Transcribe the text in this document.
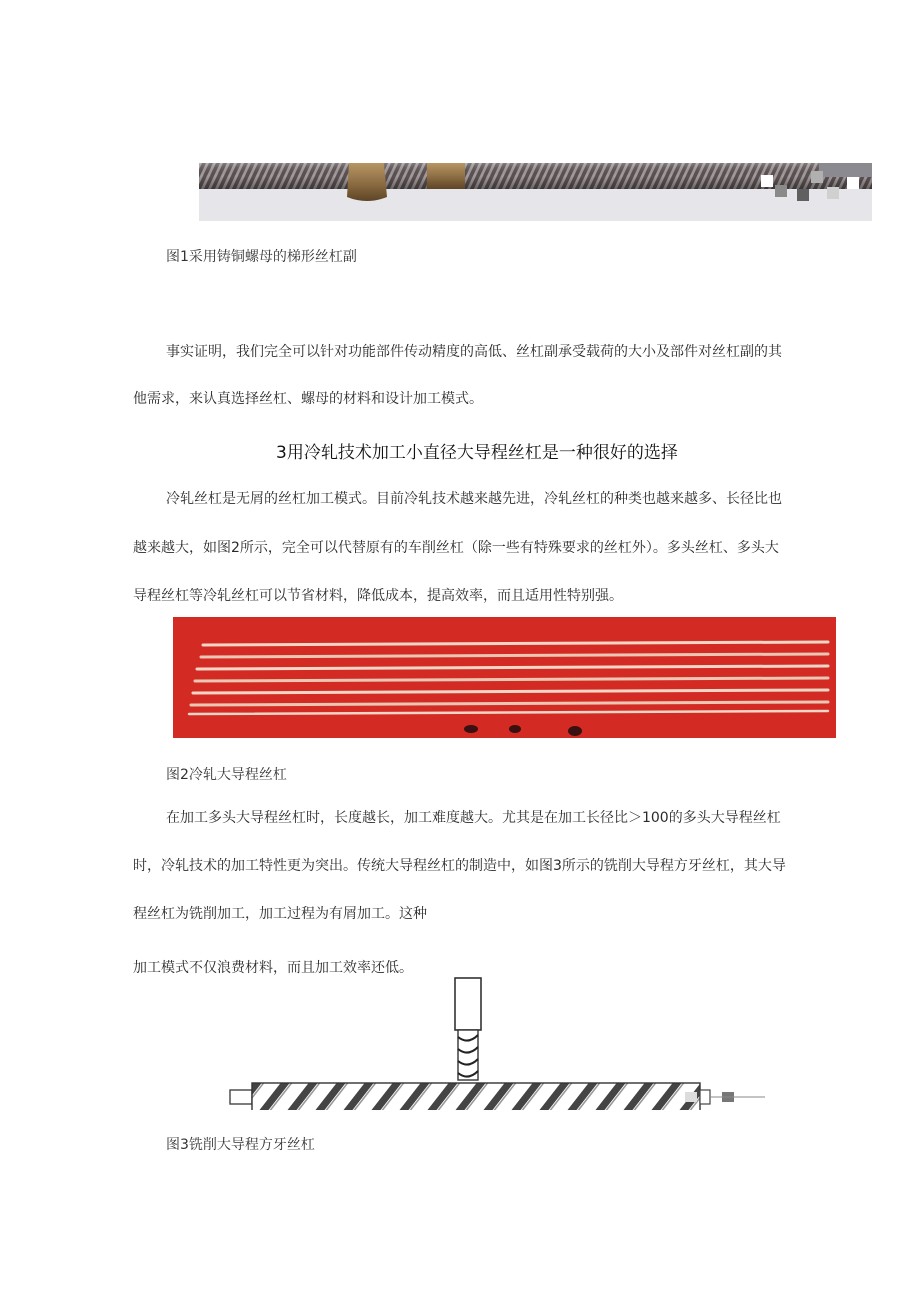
图1采用铸铜螺母的梯形丝杠副
事实证明，我们完全可以针对功能部件传动精度的高低、丝杠副承受载荷的大小及部件对丝杠副的其
他需求，来认真选择丝杠、螺母的材料和设计加工模式。
3用冷轧技术加工小直径大导程丝杠是一种很好的选择
冷轧丝杠是无屑的丝杠加工模式。目前冷轧技术越来越先进，冷轧丝杠的种类也越来越多、长径比也
越来越大，如图2所示，完全可以代替原有的车削丝杠（除一些有特殊要求的丝杠外）。多头丝杠、多头大
导程丝杠等冷轧丝杠可以节省材料，降低成本，提高效率，而且适用性特别强。
图2冷轧大导程丝杠
在加工多头大导程丝杠时，长度越长，加工难度越大。尤其是在加工长径比＞100的多头大导程丝杠
时，冷轧技术的加工特性更为突出。传统大导程丝杠的制造中，如图3所示的铣削大导程方牙丝杠，其大导
程丝杠为铣削加工，加工过程为有屑加工。这种
加工模式不仅浪费材料，而且加工效率还低。
图3铣削大导程方牙丝杠
